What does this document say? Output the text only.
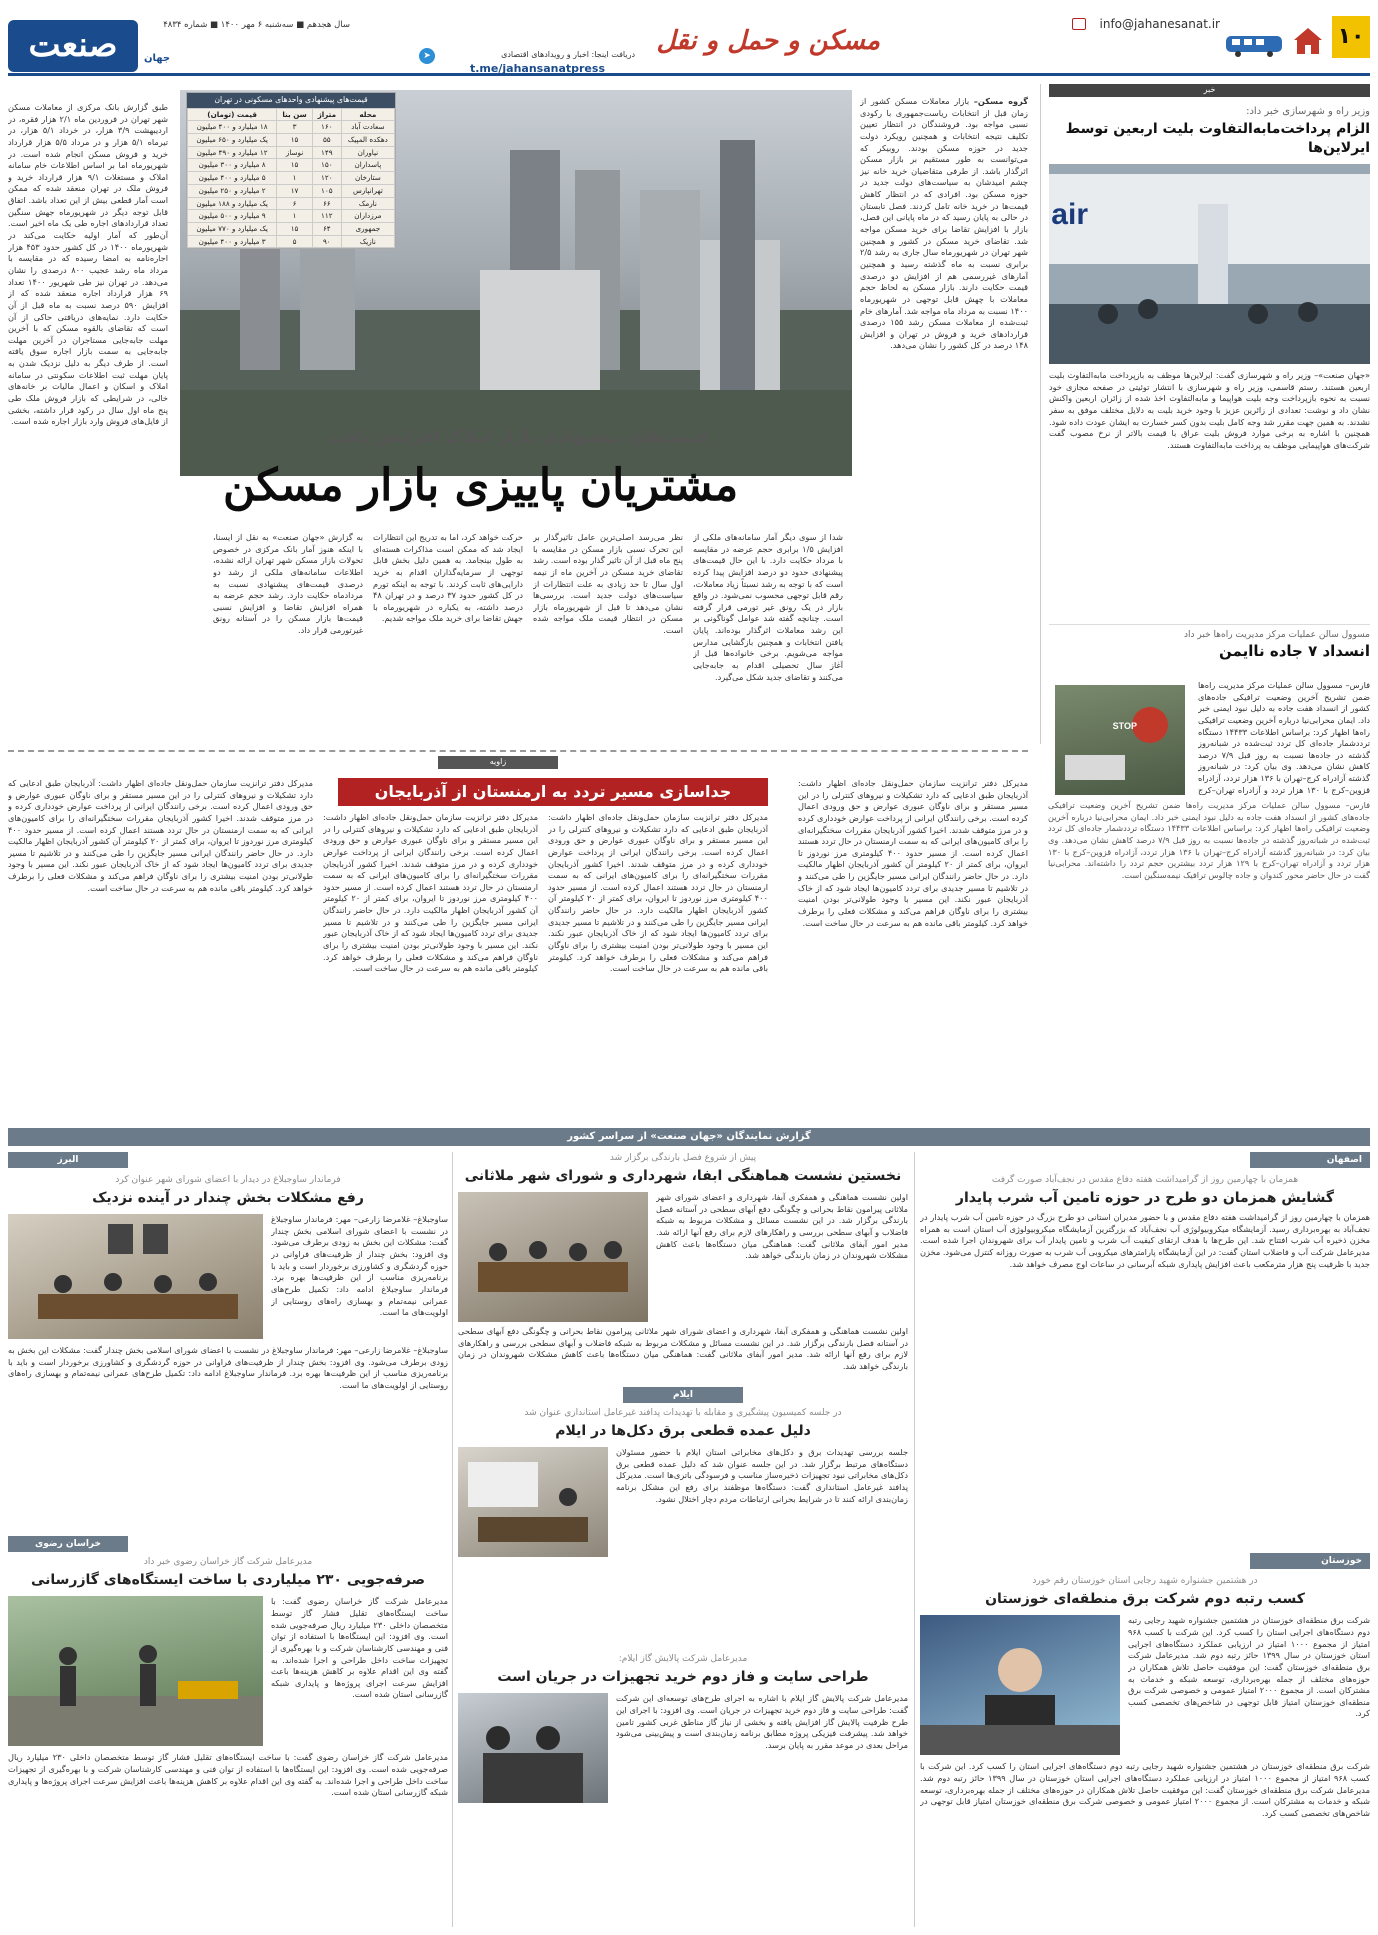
۱۰
info@jahanesanat.ir
مسکن و حمل و نقل
دریافت اینجا: اخبار و رویدادهای اقتصادی
➤
t.me/jahansanatpress
سال هجدهم ■ سه‌شنبه ۶ مهر ۱۴۰۰ ■ شماره ۴۸۳۴
صنعت	جهان
خبر
وزیر راه و شهرسازی خبر داد:
الزام پرداخت‌ما‌به‌التفاوت بلیت اربعین توسط ایرلاین‌ها
air
«جهان صنعت»– وزیر راه و شهرسازی گفت: ایرلاین‌ها موظف به بازپرداخت مابه‌التفاوت بلیت اربعین هستند. رستم قاسمی، وزیر راه و شهرسازی با انتشار توئیتی در صفحه مجازی خود نسبت به نحوه بازپرداخت وجه بلیت هواپیما و مابه‌التفاوت اخذ شده از زائران اربعین واکنش نشان داد و نوشت: تعدادی از زائرین عزیز با وجود خرید بلیت به دلایل مختلف موفق به سفر نشدند. به همین جهت مقرر شد وجه کامل بلیت بدون کسر خسارت به ایشان عودت داده شود. همچنین با اشاره به برخی موارد فروش بلیت عراق با قیمت بالاتر از نرخ مصوب گفت شرکت‌های هواپیمایی موظف به پرداخت مابه‌التفاوت هستند.
مسوول سالن عملیات مرکز مدیریت راه‌ها خبر داد
انسداد ۷ جاده ناایمن
STOP
فارس– مسوول سالن عملیات مرکز مدیریت راه‌ها ضمن تشریح آخرین وضعیت ترافیکی جاده‌های کشور از انسداد هفت جاده به دلیل نبود ایمنی خبر داد. ایمان محرابی‌نیا درباره آخرین وضعیت ترافیکی راه‌ها اظهار کرد: براساس اطلاعات ۱۴۴۳۳ دستگاه ترددشمار جاده‌ای کل تردد ثبت‌شده در شبانه‌روز گذشته در جاده‌ها نسبت به روز قبل ۷/۹ درصد کاهش نشان می‌دهد. وی بیان کرد: در شبانه‌روز گذشته آزادراه کرج–تهران با ۱۳۶ هزار تردد، آزادراه قزوین–کرج با ۱۳۰ هزار تردد و آزادراه تهران–کرج
فارس– مسوول سالن عملیات مرکز مدیریت راه‌ها ضمن تشریح آخرین وضعیت ترافیکی جاده‌های کشور از انسداد هفت جاده به دلیل نبود ایمنی خبر داد. ایمان محرابی‌نیا درباره آخرین وضعیت ترافیکی راه‌ها اظهار کرد: براساس اطلاعات ۱۴۴۳۳ دستگاه ترددشمار جاده‌ای کل تردد ثبت‌شده در شبانه‌روز گذشته در جاده‌ها نسبت به روز قبل ۷/۹ درصد کاهش نشان می‌دهد. وی بیان کرد: در شبانه‌روز گذشته آزادراه کرج–تهران با ۱۳۶ هزار تردد، آزادراه قزوین–کرج با ۱۳۰ هزار تردد و آزادراه تهران–کرج با ۱۲۹ هزار تردد بیشترین حجم تردد را داشته‌اند. محرابی‌نیا گفت در حال حاضر محور کندوان و جاده چالوس ترافیک نیمه‌سنگین است.
طبق گزارش بانک مرکزی از معاملات مسکن شهر تهران در فروردین ماه ۲/۱ هزار فقره، در اردیبهشت ۳/۹ هزار، در خرداد ۵/۱ هزار، در تیرماه ۵/۱ هزار و در مرداد ۵/۵ هزار قرارداد خرید و فروش مسکن انجام شده است. در شهریورماه اما بر اساس اطلاعات خام سامانه املاک و مستغلات ۹/۱ هزار قرارداد خرید و فروش ملک در تهران منعقد شده که ممکن است آمار قطعی بیش از این تعداد باشد. اتفاق قابل توجه دیگر در شهریورماه جهش سنگین تعداد قراردادهای اجاره طی یک ماه اخیر است. آن‌طور که آمار اولیه حکایت می‌کند در شهریورماه ۱۴۰۰ در کل کشور حدود ۴۵۳ هزار اجاره‌نامه به امضا رسیده که در مقایسه با مرداد ماه رشد عجیب ۸۰۰ درصدی را نشان می‌دهد. در تهران نیز طی شهریور ۱۴۰۰ تعداد ۶۹ هزار قرارداد اجاره منعقد شده که از افزایش ۵۹۰ درصد نسبت به ماه قبل از آن حکایت دارد. نمایه‌های دریافتی حاکی از آن است که تقاضای بالقوه مسکن که با آخرین مهلت جابه‌جایی مستاجران در آخرین مهلت جابه‌جایی به سمت بازار اجاره سوق یافته است. از طرف دیگر به دلیل نزدیک شدن به پایان مهلت ثبت اطلاعات سکونتی در سامانه املاک و اسکان و اعمال مالیات بر خانه‌های خالی، در شرایطی که بازار فروش ملک طی پنج ماه اول سال در رکود قرار داشته، بخشی از فایل‌های فروش وارد بازار اجاره شده است.
قیمت‌های پیشنهادی واحدهای مسکونی در تهران
محله	متراژ	سن بنا	قیمت (تومان)
سعادت آباد	۱۶۰	۳	۱۸ میلیارد و ۴۰۰ میلیون
دهکده المپیک	۵۵	۱۵	یک میلیارد و ۶۵۰ میلیون
نیاوران	۱۴۹	نوساز	۱۲ میلیارد و ۴۹۰ میلیون
پاسداران	۱۵۰	۱۵	۸ میلیارد و ۳۰۰ میلیون
ستارخان	۱۲۰	۱	۵ میلیارد و ۴۰۰ میلیون
تهرانپارس	۱۰۵	۱۷	۲ میلیارد و ۲۵۰ میلیون
نارمک	۶۶	۶	یک میلیارد و ۱۸۸ میلیون
مرزداران	۱۱۲	۱	۹ میلیارد و ۵۰۰ میلیون
جمهوری	۶۴	۱۵	یک میلیارد و ۷۷۰ میلیون
نازیک	۹۰	۵	۳ میلیارد و ۴۰۰ میلیون
گروه مسکن– بازار معاملات مسکن کشور از زمان قبل از انتخابات ریاست‌جمهوری با رکودی نسبی مواجه بود. فروشندگان در انتظار تعیین تکلیف نتیجه انتخابات و همچنین رویکرد دولت جدید در حوزه مسکن بودند. روبیکر که می‌توانست به طور مستقیم بر بازار مسکن اثرگذار باشد. از طرفی متقاضیان خرید خانه نیز چشم امیدشان به سیاست‌های دولت جدید در حوزه مسکن بود. افرادی که در انتظار کاهش قیمت‌ها در خرید خانه تامل کردند. فصل تابستان در حالی به پایان رسید که در ماه پایانی این فصل، بازار با افزایش تقاضا برای خرید مسکن مواجه شد. تقاضای خرید مسکن در کشور و همچنین شهر تهران در شهریورماه سال جاری به رشد ۲/۵ برابری نسبت به ماه گذشته رسید و همچنین آمارهای غیررسمی هم از افزایش دو درصدی قیمت حکایت دارند. بازار مسکن به لحاظ حجم معاملات با چهش قابل توجهی در شهریورماه ۱۴۰۰ نسبت به مرداد ماه مواجه شد. آمارهای خام ثبت‌شده از معاملات مسکن رشد ۱۵۵ درصدی قراردادهای خرید و فروش در تهران و افزایش ۱۴۸ درصد در کل کشور را نشان می‌دهد.
قیمت‌های پیشنهادی بازار املاک افزایش یافت
مشتریان پاییزی بازار مسکن
شدا از سوی دیگر آمار سامانه‌های ملکی از افزایش ۱/۵ برابری حجم عرضه در مقایسه با مرداد حکایت دارد. با این حال قیمت‌های پیشنهادی حدود دو درصد افزایش پیدا کرده است که با توجه به رشد نسبتاً زیاد معاملات، رقم قابل توجهی محسوب نمی‌شود. در واقع بازار در یک رونق غیر تورمی قرار گرفته است. چنانچه گفته شد عوامل گوناگونی بر این رشد معاملات اثرگذار بوده‌اند. پایان یافتن انتخابات و همچنین بازگشایی مدارس مواجه می‌شویم. برخی خانواده‌ها قبل از آغاز سال تحصیلی اقدام به جابه‌جایی می‌کنند و تقاضای جدید شکل می‌گیرد.
نظر می‌رسد اصلی‌ترین عامل تاثیرگذار بر این تحرک نسبی بازار مسکن در مقایسه با پنج ماه قبل از آن تاثیر گذار بوده است. رشد تقاضای خرید مسکن در آخرین ماه از نیمه اول سال تا حد زیادی به علت انتظارات از سیاست‌های دولت جدید است. بررسی‌ها نشان می‌دهد تا قبل از شهریورماه بازار مسکن در انتظار قیمت ملک مواجه شده است.
حرکت خواهد کرد، اما به تدریج این انتظارات ایجاد شد که ممکن است مذاکرات هسته‌ای به طول بینجامد. به همین دلیل بخش قابل توجهی از سرمایه‌گذاران اقدام به خرید دارایی‌های ثابت کردند. با توجه به اینکه تورم در کل کشور حدود ۳۷ درصد و در تهران ۴۸ درصد داشته، به یکباره در شهریورماه با جهش تقاضا برای خرید ملک مواجه شدیم.
به گزارش «جهان صنعت» به نقل از ایسنا، با اینکه هنوز آمار بانک مرکزی در خصوص تحولات بازار مسکن شهر تهران ارائه نشده، اطلاعات سامانه‌های ملکی از رشد دو درصدی قیمت‌های پیشنهادی نسبت به مردادماه حکایت دارد. رشد حجم عرضه به همراه افزایش تقاضا و افزایش نسبی قیمت‌ها بازار مسکن را در آستانه رونق غیرتورمی قرار داد.
زاویه
جداسازی مسیر تردد به ارمنستان از آذربایجان	مدیرکل دفتر ترانزیت سازمان حمل‌ونقل جاده‌ای اظهار داشت: آذربایجان طبق ادعایی که دارد تشکیلات و نیروهای کنترلی را در این مسیر مستقر و برای ناوگان عبوری عوارض و حق ورودی اعمال کرده است. برخی رانندگان ایرانی از پرداخت عوارض خودداری کرده و در مرز متوقف شدند. اخیرا کشور آذربایجان مقررات سختگیرانه‌ای را برای کامیون‌های ایرانی که به سمت ارمنستان در حال تردد هستند اعمال کرده است. از مسیر حدود ۴۰۰ کیلومتری مرز نوردوز تا ایروان، برای کمتر از ۲۰ کیلومتر آن کشور آذربایجان اظهار مالکیت دارد. در حال حاضر رانندگان ایرانی مسیر جایگزین را طی می‌کنند و در تلاشیم تا مسیر جدیدی برای تردد کامیون‌ها ایجاد شود که از خاک آذربایجان عبور نکند. این مسیر با وجود طولانی‌تر بودن امنیت بیشتری را برای ناوگان فراهم می‌کند و مشکلات فعلی را برطرف خواهد کرد. کیلومتر باقی مانده هم به سرعت در حال ساخت است.
مدیرکل دفتر ترانزیت سازمان حمل‌ونقل جاده‌ای اظهار داشت: آذربایجان طبق ادعایی که دارد تشکیلات و نیروهای کنترلی را در این مسیر مستقر و برای ناوگان عبوری عوارض و حق ورودی اعمال کرده است. برخی رانندگان ایرانی از پرداخت عوارض خودداری کرده و در مرز متوقف شدند. اخیرا کشور آذربایجان مقررات سختگیرانه‌ای را برای کامیون‌های ایرانی که به سمت ارمنستان در حال تردد هستند اعمال کرده است. از مسیر حدود ۴۰۰ کیلومتری مرز نوردوز تا ایروان، برای کمتر از ۲۰ کیلومتر آن کشور آذربایجان اظهار مالکیت دارد. در حال حاضر رانندگان ایرانی مسیر جایگزین را طی می‌کنند و در تلاشیم تا مسیر جدیدی برای تردد کامیون‌ها ایجاد شود که از خاک آذربایجان عبور نکند. این مسیر با وجود طولانی‌تر بودن امنیت بیشتری را برای ناوگان فراهم می‌کند و مشکلات فعلی را برطرف خواهد کرد. کیلومتر باقی مانده هم به سرعت در حال ساخت است.
مدیرکل دفتر ترانزیت سازمان حمل‌ونقل جاده‌ای اظهار داشت: آذربایجان طبق ادعایی که دارد تشکیلات و نیروهای کنترلی را در این مسیر مستقر و برای ناوگان عبوری عوارض و حق ورودی اعمال کرده است. برخی رانندگان ایرانی از پرداخت عوارض خودداری کرده و در مرز متوقف شدند. اخیرا کشور آذربایجان مقررات سختگیرانه‌ای را برای کامیون‌های ایرانی که به سمت ارمنستان در حال تردد هستند اعمال کرده است. از مسیر حدود ۴۰۰ کیلومتری مرز نوردوز تا ایروان، برای کمتر از ۲۰ کیلومتر آن کشور آذربایجان اظهار مالکیت دارد. در حال حاضر رانندگان ایرانی مسیر جایگزین را طی می‌کنند و در تلاشیم تا مسیر جدیدی برای تردد کامیون‌ها ایجاد شود که از خاک آذربایجان عبور نکند. این مسیر با وجود طولانی‌تر بودن امنیت بیشتری را برای ناوگان فراهم می‌کند و مشکلات فعلی را برطرف خواهد کرد. کیلومتر باقی مانده هم به سرعت در حال ساخت است.
مدیرکل دفتر ترانزیت سازمان حمل‌ونقل جاده‌ای اظهار داشت: آذربایجان طبق ادعایی که دارد تشکیلات و نیروهای کنترلی را در این مسیر مستقر و برای ناوگان عبوری عوارض و حق ورودی اعمال کرده است. برخی رانندگان ایرانی از پرداخت عوارض خودداری کرده و در مرز متوقف شدند. اخیرا کشور آذربایجان مقررات سختگیرانه‌ای را برای کامیون‌های ایرانی که به سمت ارمنستان در حال تردد هستند اعمال کرده است. از مسیر حدود ۴۰۰ کیلومتری مرز نوردوز تا ایروان، برای کمتر از ۲۰ کیلومتر آن کشور آذربایجان اظهار مالکیت دارد. در حال حاضر رانندگان ایرانی مسیر جایگزین را طی می‌کنند و در تلاشیم تا مسیر جدیدی برای تردد کامیون‌ها ایجاد شود که از خاک آذربایجان عبور نکند. این مسیر با وجود طولانی‌تر بودن امنیت بیشتری را برای ناوگان فراهم می‌کند و مشکلات فعلی را برطرف خواهد کرد. کیلومتر باقی مانده هم به سرعت در حال ساخت است.
گزارش نمایندگان «جهان صنعت» از سراسر کشور
اصفهان
همزمان با چهارمین روز از گرامیداشت هفته دفاع مقدس در نجف‌آباد صورت گرفت
گشایش همزمان دو طرح در حوزه تامین آب شرب پایدار
همزمان با چهارمین روز از گرامیداشت هفته دفاع مقدس و با حضور مدیران استانی دو طرح بزرگ در حوزه تامین آب شرب پایدار در نجف‌آباد به بهره‌برداری رسید. آزمایشگاه میکروبیولوژی آب نجف‌آباد که بزرگترین آزمایشگاه میکروبیولوژی آب استان است به همراه مخزن ذخیره آب شرب افتتاح شد. این طرح‌ها با هدف ارتقای کیفیت آب شرب و تامین پایدار آب برای شهروندان اجرا شده است. مدیرعامل شرکت آب و فاضلاب استان گفت: در این آزمایشگاه پارامترهای میکروبی آب شرب به صورت روزانه کنترل می‌شود. مخزن جدید با ظرفیت پنج هزار مترمکعب باعث افزایش پایداری شبکه آبرسانی در ساعات اوج مصرف خواهد شد.
خوزستان
در هشتمین جشنواره شهید رجایی استان خوزستان رقم خورد
کسب رتبه دوم شرکت برق منطقه‌ای خوزستان
شرکت برق منطقه‌ای خوزستان در هشتمین جشنواره شهید رجایی رتبه دوم دستگاه‌های اجرایی استان را کسب کرد. این شرکت با کسب ۹۶۸ امتیاز از مجموع ۱۰۰۰ امتیاز در ارزیابی عملکرد دستگاه‌های اجرایی استان خوزستان در سال ۱۳۹۹ حائز رتبه دوم شد. مدیرعامل شرکت برق منطقه‌ای خوزستان گفت: این موفقیت حاصل تلاش همکاران در حوزه‌های مختلف از جمله بهره‌برداری، توسعه شبکه و خدمات به مشترکان است. از مجموع ۲۰۰۰ امتیاز عمومی و خصوصی شرکت برق منطقه‌ای خوزستان امتیاز قابل توجهی در شاخص‌های تخصصی کسب کرد.
شرکت برق منطقه‌ای خوزستان در هشتمین جشنواره شهید رجایی رتبه دوم دستگاه‌های اجرایی استان را کسب کرد. این شرکت با کسب ۹۶۸ امتیاز از مجموع ۱۰۰۰ امتیاز در ارزیابی عملکرد دستگاه‌های اجرایی استان خوزستان در سال ۱۳۹۹ حائز رتبه دوم شد. مدیرعامل شرکت برق منطقه‌ای خوزستان گفت: این موفقیت حاصل تلاش همکاران در حوزه‌های مختلف از جمله بهره‌برداری، توسعه شبکه و خدمات به مشترکان است. از مجموع ۲۰۰۰ امتیاز عمومی و خصوصی شرکت برق منطقه‌ای خوزستان امتیاز قابل توجهی در شاخص‌های تخصصی کسب کرد.
پیش از شروع فصل بارندگی برگزار شد
نخستین نشست هماهنگی ابفا، شهرداری و شورای شهر ملاثانی
اولین نشست هماهنگی و همفکری آبفا، شهرداری و اعضای شورای شهر ملاثانی پیرامون نقاط بحرانی و چگونگی دفع آبهای سطحی در آستانه فصل بارندگی برگزار شد. در این نشست مسائل و مشکلات مربوط به شبکه فاضلاب و آبهای سطحی بررسی و راهکارهای لازم برای رفع آنها ارائه شد. مدیر امور آبفای ملاثانی گفت: هماهنگی میان دستگاه‌ها باعث کاهش مشکلات شهروندان در زمان بارندگی خواهد شد.
اولین نشست هماهنگی و همفکری آبفا، شهرداری و اعضای شورای شهر ملاثانی پیرامون نقاط بحرانی و چگونگی دفع آبهای سطحی در آستانه فصل بارندگی برگزار شد. در این نشست مسائل و مشکلات مربوط به شبکه فاضلاب و آبهای سطحی بررسی و راهکارهای لازم برای رفع آنها ارائه شد. مدیر امور آبفای ملاثانی گفت: هماهنگی میان دستگاه‌ها باعث کاهش مشکلات شهروندان در زمان بارندگی خواهد شد.
ایلام
در جلسه کمیسیون پیشگیری و مقابله با تهدیدات پدافند غیرعامل استانداری عنوان شد
دلیل عمده قطعی برق دکل‌ها در ایلام
جلسه بررسی تهدیدات برق و دکل‌های مخابراتی استان ایلام با حضور مسئولان دستگاه‌های مرتبط برگزار شد. در این جلسه عنوان شد که دلیل عمده قطعی برق دکل‌های مخابراتی نبود تجهیزات ذخیره‌ساز مناسب و فرسودگی باتری‌ها است. مدیرکل پدافند غیرعامل استانداری گفت: دستگاه‌ها موظفند برای رفع این مشکل برنامه زمان‌بندی ارائه کنند تا در شرایط بحرانی ارتباطات مردم دچار اختلال نشود.
مدیرعامل شرکت پالایش گاز ایلام:
طراحی سایت و فاز دوم خرید تجهیزات در جریان است
مدیرعامل شرکت پالایش گاز ایلام با اشاره به اجرای طرح‌های توسعه‌ای این شرکت گفت: طراحی سایت و فاز دوم خرید تجهیزات در جریان است. وی افزود: با اجرای این طرح ظرفیت پالایش گاز افزایش یافته و بخشی از نیاز گاز مناطق غربی کشور تامین خواهد شد. پیشرفت فیزیکی پروژه مطابق برنامه زمان‌بندی است و پیش‌بینی می‌شود مراحل بعدی در موعد مقرر به پایان برسد.
البرز
فرماندار ساوجبلاغ در دیدار با اعضای شورای شهر عنوان کرد
رفع مشکلات بخش چندار در آینده نزدیک
ساوجبلاغ– غلامرضا زارعی– مهر: فرماندار ساوجبلاغ در نشست با اعضای شورای اسلامی بخش چندار گفت: مشکلات این بخش به زودی برطرف می‌شود. وی افزود: بخش چندار از ظرفیت‌های فراوانی در حوزه گردشگری و کشاورزی برخوردار است و باید با برنامه‌ریزی مناسب از این ظرفیت‌ها بهره برد. فرماندار ساوجبلاغ ادامه داد: تکمیل طرح‌های عمرانی نیمه‌تمام و بهسازی راه‌های روستایی از اولویت‌های ما است.
ساوجبلاغ– غلامرضا زارعی– مهر: فرماندار ساوجبلاغ در نشست با اعضای شورای اسلامی بخش چندار گفت: مشکلات این بخش به زودی برطرف می‌شود. وی افزود: بخش چندار از ظرفیت‌های فراوانی در حوزه گردشگری و کشاورزی برخوردار است و باید با برنامه‌ریزی مناسب از این ظرفیت‌ها بهره برد. فرماندار ساوجبلاغ ادامه داد: تکمیل طرح‌های عمرانی نیمه‌تمام و بهسازی راه‌های روستایی از اولویت‌های ما است.
خراسان رضوی
مدیرعامل شرکت گاز خراسان رضوی خبر داد
صرفه‌جویی ۲۳۰ میلیاردی با ساخت ایستگاه‌های گازرسانی
مدیرعامل شرکت گاز خراسان رضوی گفت: با ساخت ایستگاه‌های تقلیل فشار گاز توسط متخصصان داخلی ۲۳۰ میلیارد ریال صرفه‌جویی شده است. وی افزود: این ایستگاه‌ها با استفاده از توان فنی و مهندسی کارشناسان شرکت و با بهره‌گیری از تجهیزات ساخت داخل طراحی و اجرا شده‌اند. به گفته وی این اقدام علاوه بر کاهش هزینه‌ها باعث افزایش سرعت اجرای پروژه‌ها و پایداری شبکه گازرسانی استان شده است.
مدیرعامل شرکت گاز خراسان رضوی گفت: با ساخت ایستگاه‌های تقلیل فشار گاز توسط متخصصان داخلی ۲۳۰ میلیارد ریال صرفه‌جویی شده است. وی افزود: این ایستگاه‌ها با استفاده از توان فنی و مهندسی کارشناسان شرکت و با بهره‌گیری از تجهیزات ساخت داخل طراحی و اجرا شده‌اند. به گفته وی این اقدام علاوه بر کاهش هزینه‌ها باعث افزایش سرعت اجرای پروژه‌ها و پایداری شبکه گازرسانی استان شده است.
